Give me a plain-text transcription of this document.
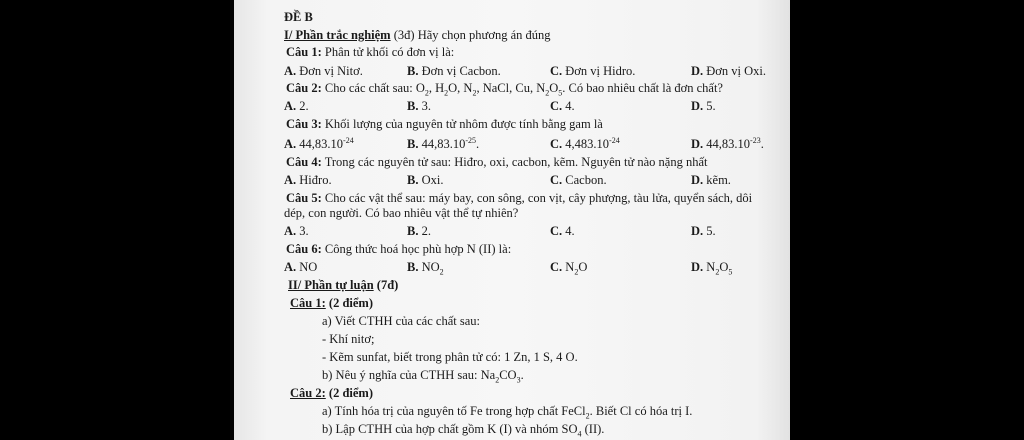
ĐỀ B
I/ Phần trắc nghiệm (3đ) Hãy chọn phương án đúng
Câu 1: Phân tử khối có đơn vị là:
A. Đơn vị Nitơ.	B. Đơn vị Cacbon.	C. Đơn vị Hidro.	D. Đơn vị Oxi.
Câu 2: Cho các chất sau: $O_2$, $H_2O$, $N_2$, NaCl, Cu, $N_2O_5$. Có bao nhiêu chất là đơn chất?
A. 2.	B. 3.	C. 4.	D. 5.
Câu 3: Khối lượng của nguyên tử nhôm được tính bằng gam là
A. $44,83.10^{-24}$	B. $44,83.10^{-25}$.	C. $4,483.10^{-24}$	D. $44,83.10^{-23}$.
Câu 4: Trong các nguyên tử sau: Hiđro, oxi, cacbon, kẽm. Nguyên tử nào nặng nhất
A. Hiđro.	B. Oxi.	C. Cacbon.	D. kẽm.
Câu 5: Cho các vật thể sau: máy bay, con sông, con vịt, cây phượng, tàu lửa, quyển sách, dôi
dép, con người. Có bao nhiêu vật thể tự nhiên?
A. 3.	B. 2.	C. 4.	D. 5.
Câu 6: Công thức hoá học phù hợp N (II) là:
A. NO	B. $NO_2$	C. $N_2O$	D. $N_2O_5$
II/ Phần tự luận (7đ)
Câu 1: (2 điểm)
a) Viết CTHH của các chất sau:
- Khí nitơ;
- Kẽm sunfat, biết trong phân tử có: 1 Zn, 1 S, 4 O.
b) Nêu ý nghĩa của CTHH sau: $Na_2CO_3$.
Câu 2: (2 điểm)
a) Tính hóa trị của nguyên tố Fe trong hợp chất FeCl$_2$. Biết Cl có hóa trị I.
b) Lập CTHH của hợp chất gồm K (I) và nhóm $SO_4$ (II).
